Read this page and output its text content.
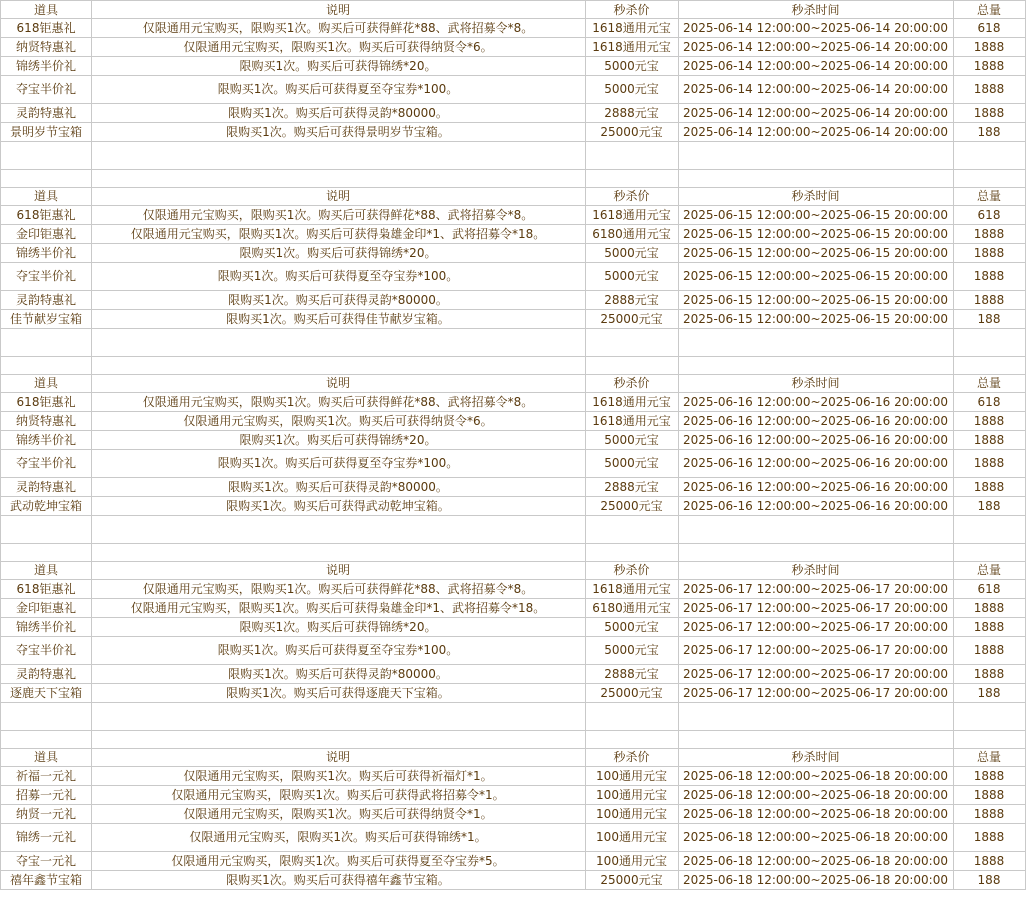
道具	说明	秒杀价	秒杀时间	总量
618钜惠礼	仅限通用元宝购买，限购买1次。购买后可获得鲜花*88、武将招募令*8。	1618通用元宝	2025-06-14 12:00:00~2025-06-14 20:00:00	618
纳贤特惠礼	仅限通用元宝购买，限购买1次。购买后可获得纳贤令*6。	1618通用元宝	2025-06-14 12:00:00~2025-06-14 20:00:00	1888
锦绣半价礼	限购买1次。购买后可获得锦绣*20。	5000元宝	2025-06-14 12:00:00~2025-06-14 20:00:00	1888
夺宝半价礼	限购买1次。购买后可获得夏至夺宝券*100。	5000元宝	2025-06-14 12:00:00~2025-06-14 20:00:00	1888
灵韵特惠礼	限购买1次。购买后可获得灵韵*80000。	2888元宝	2025-06-14 12:00:00~2025-06-14 20:00:00	1888
景明岁节宝箱	限购买1次。购买后可获得景明岁节宝箱。	25000元宝	2025-06-14 12:00:00~2025-06-14 20:00:00	188
道具	说明	秒杀价	秒杀时间	总量
618钜惠礼	仅限通用元宝购买，限购买1次。购买后可获得鲜花*88、武将招募令*8。	1618通用元宝	2025-06-15 12:00:00~2025-06-15 20:00:00	618
金印钜惠礼	仅限通用元宝购买，限购买1次。购买后可获得枭雄金印*1、武将招募令*18。	6180通用元宝	2025-06-15 12:00:00~2025-06-15 20:00:00	1888
锦绣半价礼	限购买1次。购买后可获得锦绣*20。	5000元宝	2025-06-15 12:00:00~2025-06-15 20:00:00	1888
夺宝半价礼	限购买1次。购买后可获得夏至夺宝券*100。	5000元宝	2025-06-15 12:00:00~2025-06-15 20:00:00	1888
灵韵特惠礼	限购买1次。购买后可获得灵韵*80000。	2888元宝	2025-06-15 12:00:00~2025-06-15 20:00:00	1888
佳节献岁宝箱	限购买1次。购买后可获得佳节献岁宝箱。	25000元宝	2025-06-15 12:00:00~2025-06-15 20:00:00	188
道具	说明	秒杀价	秒杀时间	总量
618钜惠礼	仅限通用元宝购买，限购买1次。购买后可获得鲜花*88、武将招募令*8。	1618通用元宝	2025-06-16 12:00:00~2025-06-16 20:00:00	618
纳贤特惠礼	仅限通用元宝购买，限购买1次。购买后可获得纳贤令*6。	1618通用元宝	2025-06-16 12:00:00~2025-06-16 20:00:00	1888
锦绣半价礼	限购买1次。购买后可获得锦绣*20。	5000元宝	2025-06-16 12:00:00~2025-06-16 20:00:00	1888
夺宝半价礼	限购买1次。购买后可获得夏至夺宝券*100。	5000元宝	2025-06-16 12:00:00~2025-06-16 20:00:00	1888
灵韵特惠礼	限购买1次。购买后可获得灵韵*80000。	2888元宝	2025-06-16 12:00:00~2025-06-16 20:00:00	1888
武动乾坤宝箱	限购买1次。购买后可获得武动乾坤宝箱。	25000元宝	2025-06-16 12:00:00~2025-06-16 20:00:00	188
道具	说明	秒杀价	秒杀时间	总量
618钜惠礼	仅限通用元宝购买，限购买1次。购买后可获得鲜花*88、武将招募令*8。	1618通用元宝	2025-06-17 12:00:00~2025-06-17 20:00:00	618
金印钜惠礼	仅限通用元宝购买，限购买1次。购买后可获得枭雄金印*1、武将招募令*18。	6180通用元宝	2025-06-17 12:00:00~2025-06-17 20:00:00	1888
锦绣半价礼	限购买1次。购买后可获得锦绣*20。	5000元宝	2025-06-17 12:00:00~2025-06-17 20:00:00	1888
夺宝半价礼	限购买1次。购买后可获得夏至夺宝券*100。	5000元宝	2025-06-17 12:00:00~2025-06-17 20:00:00	1888
灵韵特惠礼	限购买1次。购买后可获得灵韵*80000。	2888元宝	2025-06-17 12:00:00~2025-06-17 20:00:00	1888
逐鹿天下宝箱	限购买1次。购买后可获得逐鹿天下宝箱。	25000元宝	2025-06-17 12:00:00~2025-06-17 20:00:00	188
道具	说明	秒杀价	秒杀时间	总量
祈福一元礼	仅限通用元宝购买，限购买1次。购买后可获得祈福灯*1。	100通用元宝	2025-06-18 12:00:00~2025-06-18 20:00:00	1888
招募一元礼	仅限通用元宝购买，限购买1次。购买后可获得武将招募令*1。	100通用元宝	2025-06-18 12:00:00~2025-06-18 20:00:00	1888
纳贤一元礼	仅限通用元宝购买，限购买1次。购买后可获得纳贤令*1。	100通用元宝	2025-06-18 12:00:00~2025-06-18 20:00:00	1888
锦绣一元礼	仅限通用元宝购买，限购买1次。购买后可获得锦绣*1。	100通用元宝	2025-06-18 12:00:00~2025-06-18 20:00:00	1888
夺宝一元礼	仅限通用元宝购买，限购买1次。购买后可获得夏至夺宝券*5。	100通用元宝	2025-06-18 12:00:00~2025-06-18 20:00:00	1888
禧年鑫节宝箱	限购买1次。购买后可获得禧年鑫节宝箱。	25000元宝	2025-06-18 12:00:00~2025-06-18 20:00:00	188
